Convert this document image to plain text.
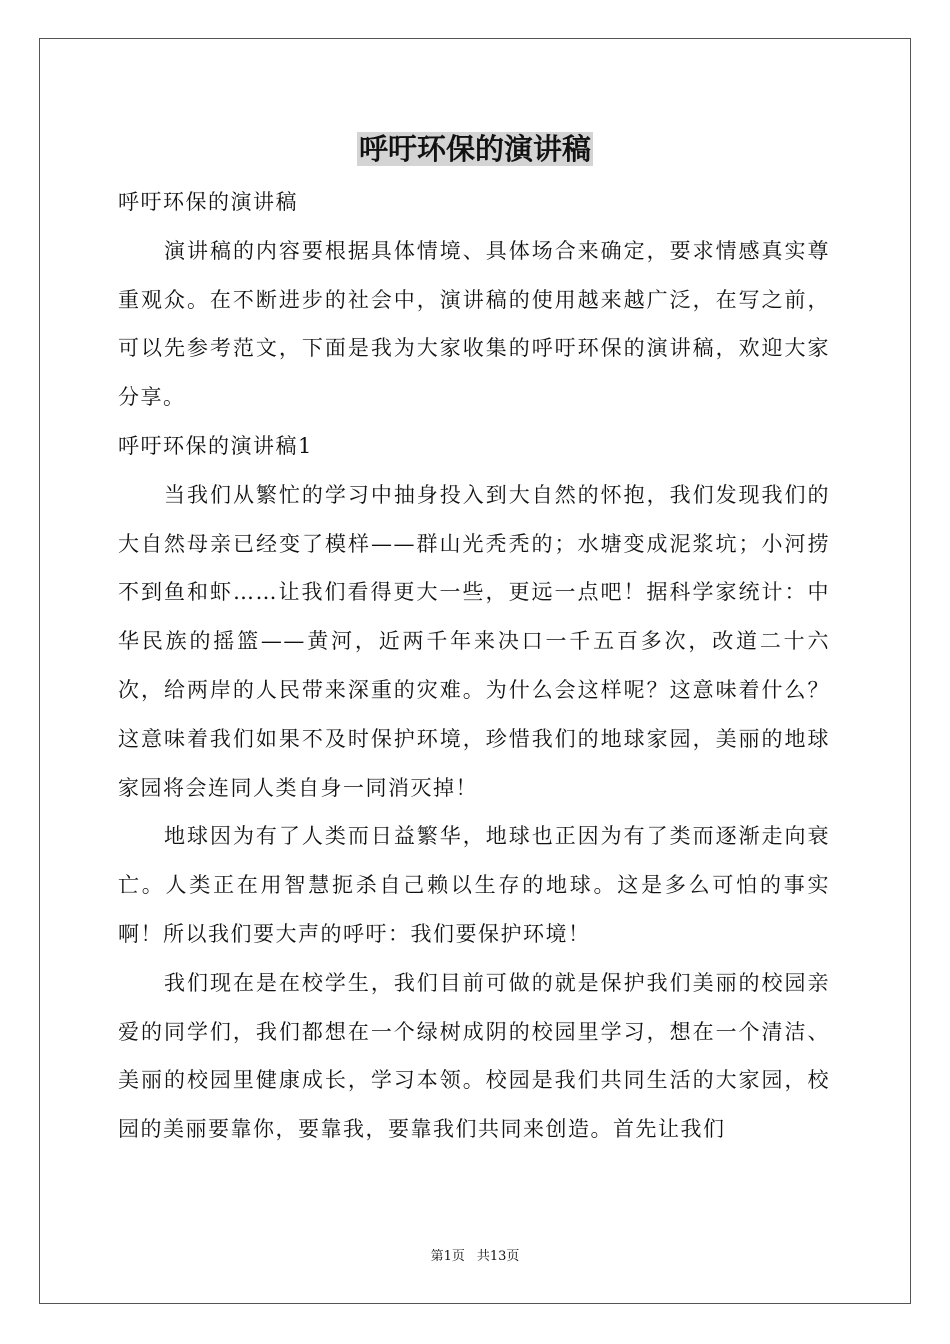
呼吁环保的演讲稿

呼吁环保的演讲稿

演讲稿的内容要根据具体情境、具体场合来确定，要求情感真实尊重观众。在不断进步的社会中，演讲稿的使用越来越广泛，在写之前，可以先参考范文，下面是我为大家收集的呼吁环保的演讲稿，欢迎大家分享。

呼吁环保的演讲稿1

当我们从繁忙的学习中抽身投入到大自然的怀抱，我们发现我们的大自然母亲已经变了模样——群山光秃秃的；水塘变成泥浆坑；小河捞不到鱼和虾……让我们看得更大一些，更远一点吧！据科学家统计：中华民族的摇篮——黄河，近两千年来决口一千五百多次，改道二十六次，给两岸的人民带来深重的灾难。为什么会这样呢？这意味着什么？这意味着我们如果不及时保护环境，珍惜我们的地球家园，美丽的地球家园将会连同人类自身一同消灭掉！

地球因为有了人类而日益繁华，地球也正因为有了类而逐渐走向衰亡。人类正在用智慧扼杀自己赖以生存的地球。这是多么可怕的事实啊！所以我们要大声的呼吁：我们要保护环境！

我们现在是在校学生，我们目前可做的就是保护我们美丽的校园亲爱的同学们，我们都想在一个绿树成阴的校园里学习，想在一个清洁、美丽的校园里健康成长，学习本领。校园是我们共同生活的大家园，校园的美丽要靠你，要靠我，要靠我们共同来创造。首先让我们

第1页 共13页
